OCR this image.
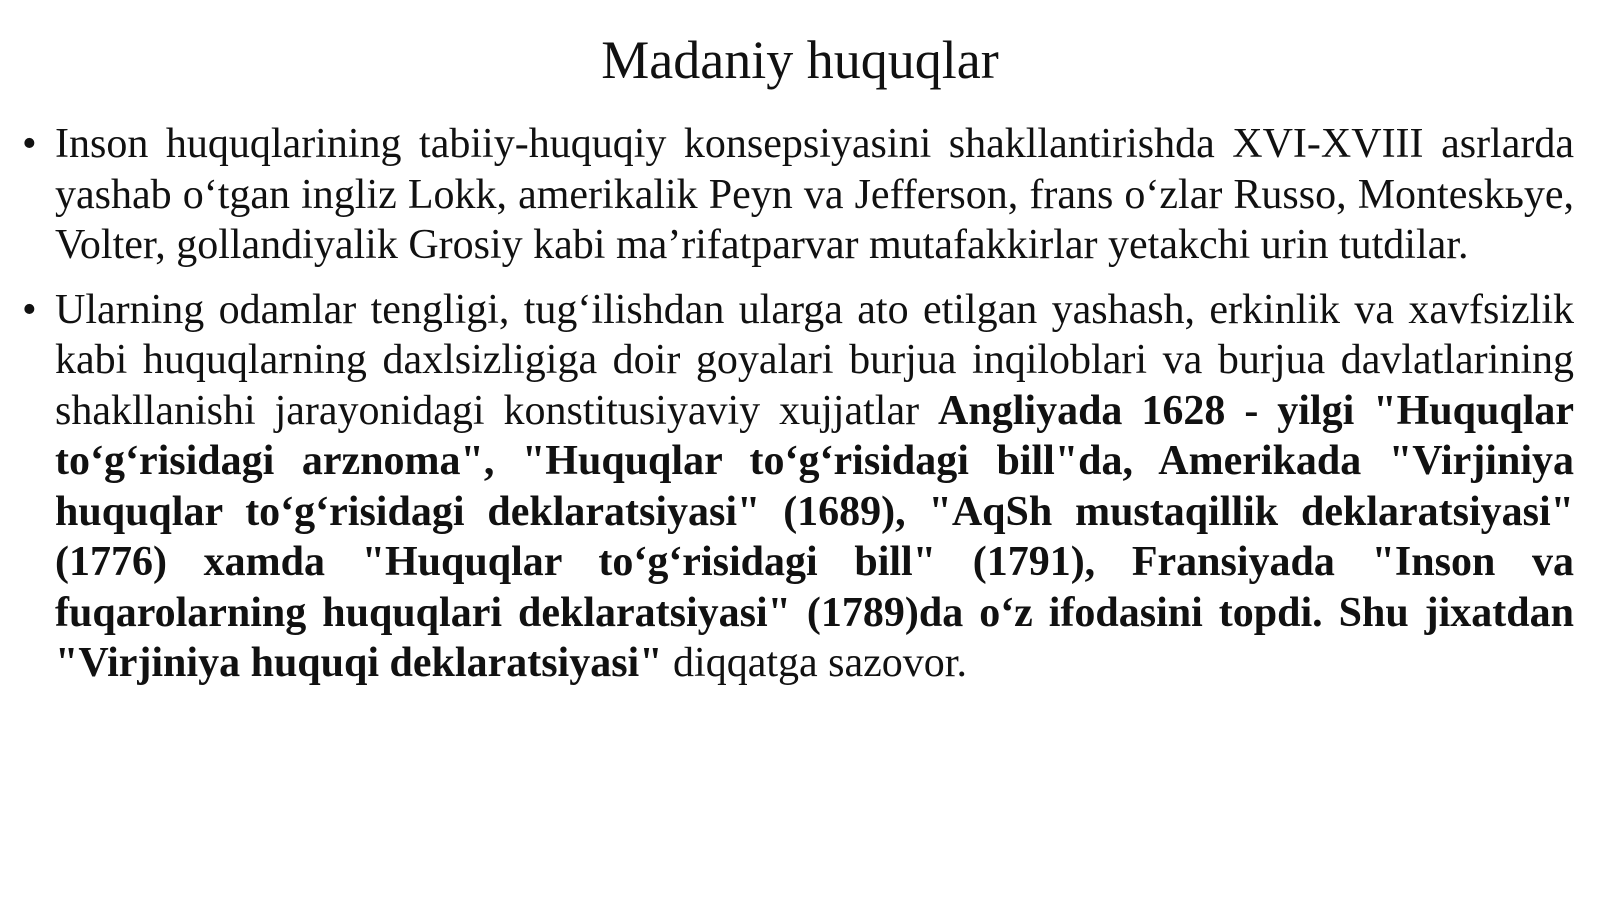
Madaniy huquqlar
• Inson huquqlarining tabiiy-huquqiy konsepsiyasini shakllantirishda XVI-XVIII asrlarda yashab o‘tgan ingliz Lokk, amerikalik Peyn va Jefferson, frans o‘zlar Russo, Monteskьye, Volter, gollandiyalik Grosiy kabi ma’rifatparvar mutafakkirlar yetakchi urin tutdilar.
• Ularning odamlar tengligi, tug‘ilishdan ularga ato etilgan yashash, erkinlik va xavfsizlik kabi huquqlarning daxlsizligiga doir goyalari burjua inqiloblari va burjua davlatlarining shakllanishi jarayonidagi konstitusiyaviy xujjatlar Angliyada 1628 - yilgi "Huquqlar to‘g‘risidagi arznoma", "Huquqlar to‘g‘risidagi bill"da, Amerikada "Virjiniya huquqlar to‘g‘risidagi deklaratsiyasi" (1689), "AqSh mustaqillik deklaratsiyasi" (1776) xamda "Huquqlar to‘g‘risidagi bill" (1791), Fransiyada "Inson va fuqarolarning huquqlari deklaratsiyasi" (1789)da o‘z ifodasini topdi. Shu jixatdan "Virjiniya huquqi deklaratsiyasi" diqqatga sazovor.
